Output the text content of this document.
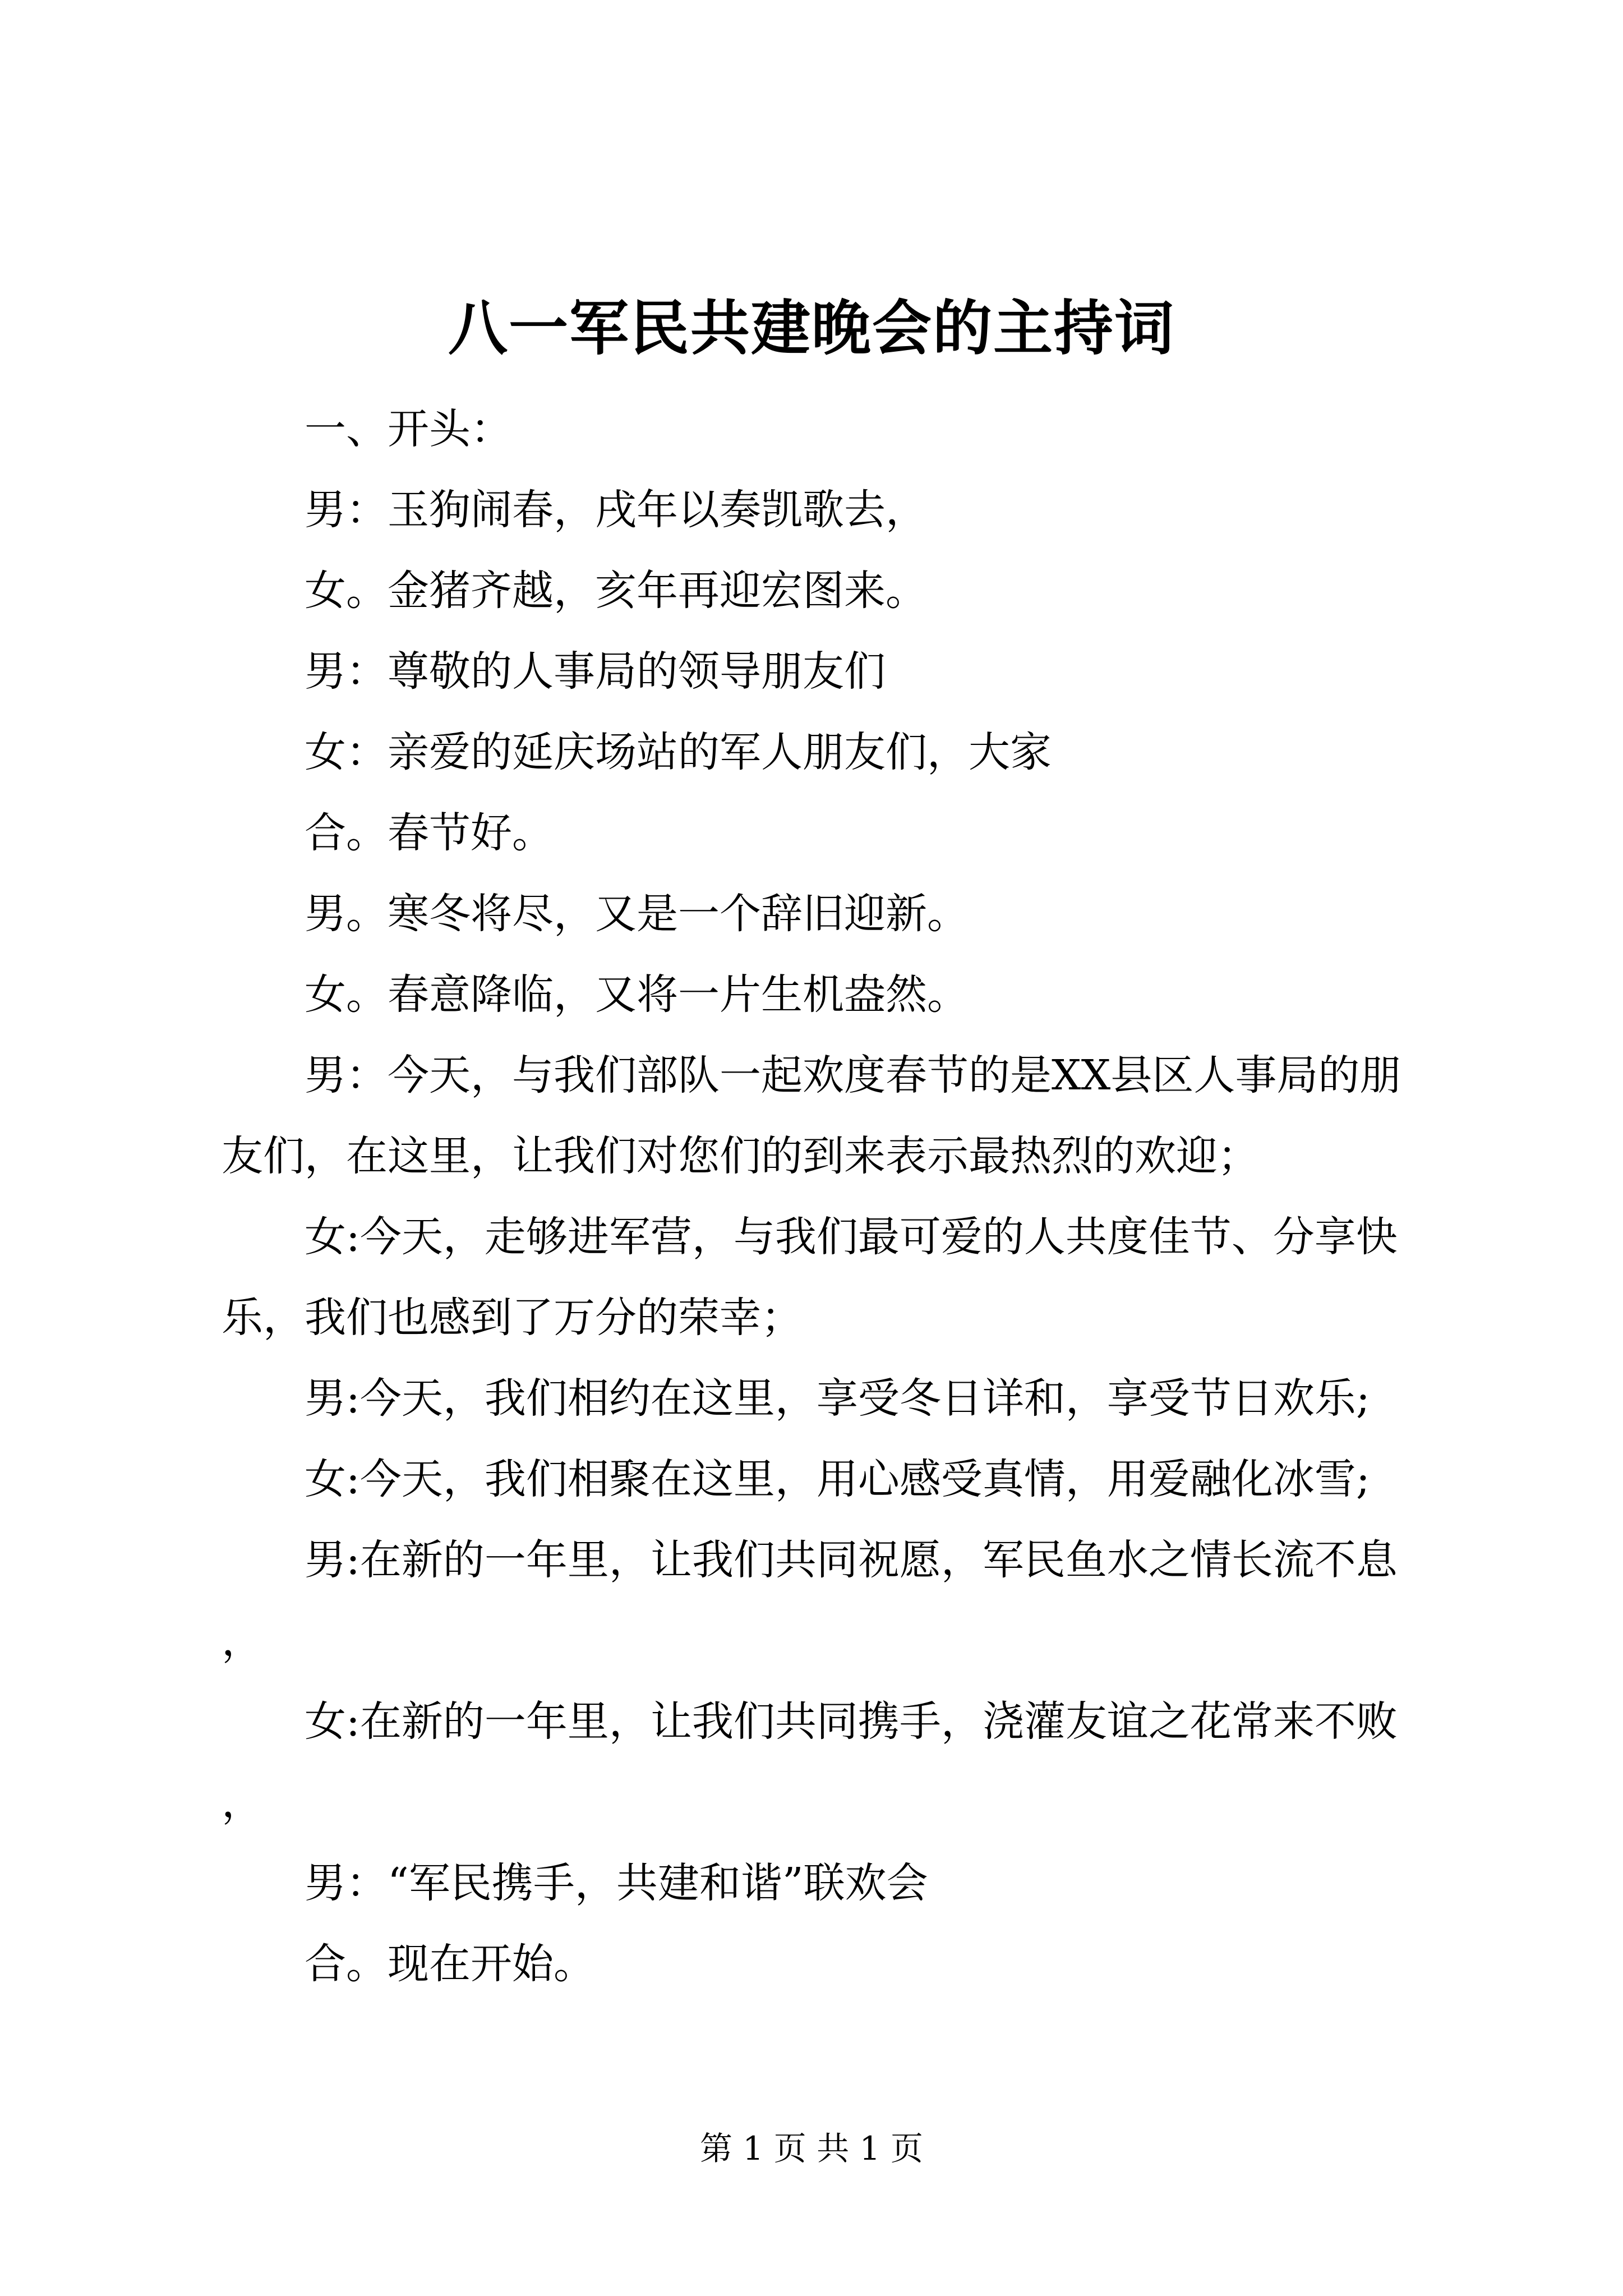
八一军民共建晚会的主持词

一、开头：

男：玉狗闹春，戌年以奏凯歌去，

女。金猪齐越，亥年再迎宏图来。

男：尊敬的人事局的领导朋友们

女：亲爱的延庆场站的军人朋友们，大家

合。春节好。

男。寒冬将尽，又是一个辞旧迎新。

女。春意降临，又将一片生机盎然。

男：今天，与我们部队一起欢度春节的是XX县区人事局的朋友们，在这里，让我们对您们的到来表示最热烈的欢迎；

女:今天，走够进军营，与我们最可爱的人共度佳节、分享快乐，我们也感到了万分的荣幸；

男:今天，我们相约在这里，享受冬日详和，享受节日欢乐;

女:今天，我们相聚在这里，用心感受真情，用爱融化冰雪;

男:在新的一年里，让我们共同祝愿，军民鱼水之情长流不息，

女:在新的一年里，让我们共同携手，浇灌友谊之花常来不败，

男：“军民携手，共建和谐”联欢会

合。现在开始。

第 1 页 共 1 页
